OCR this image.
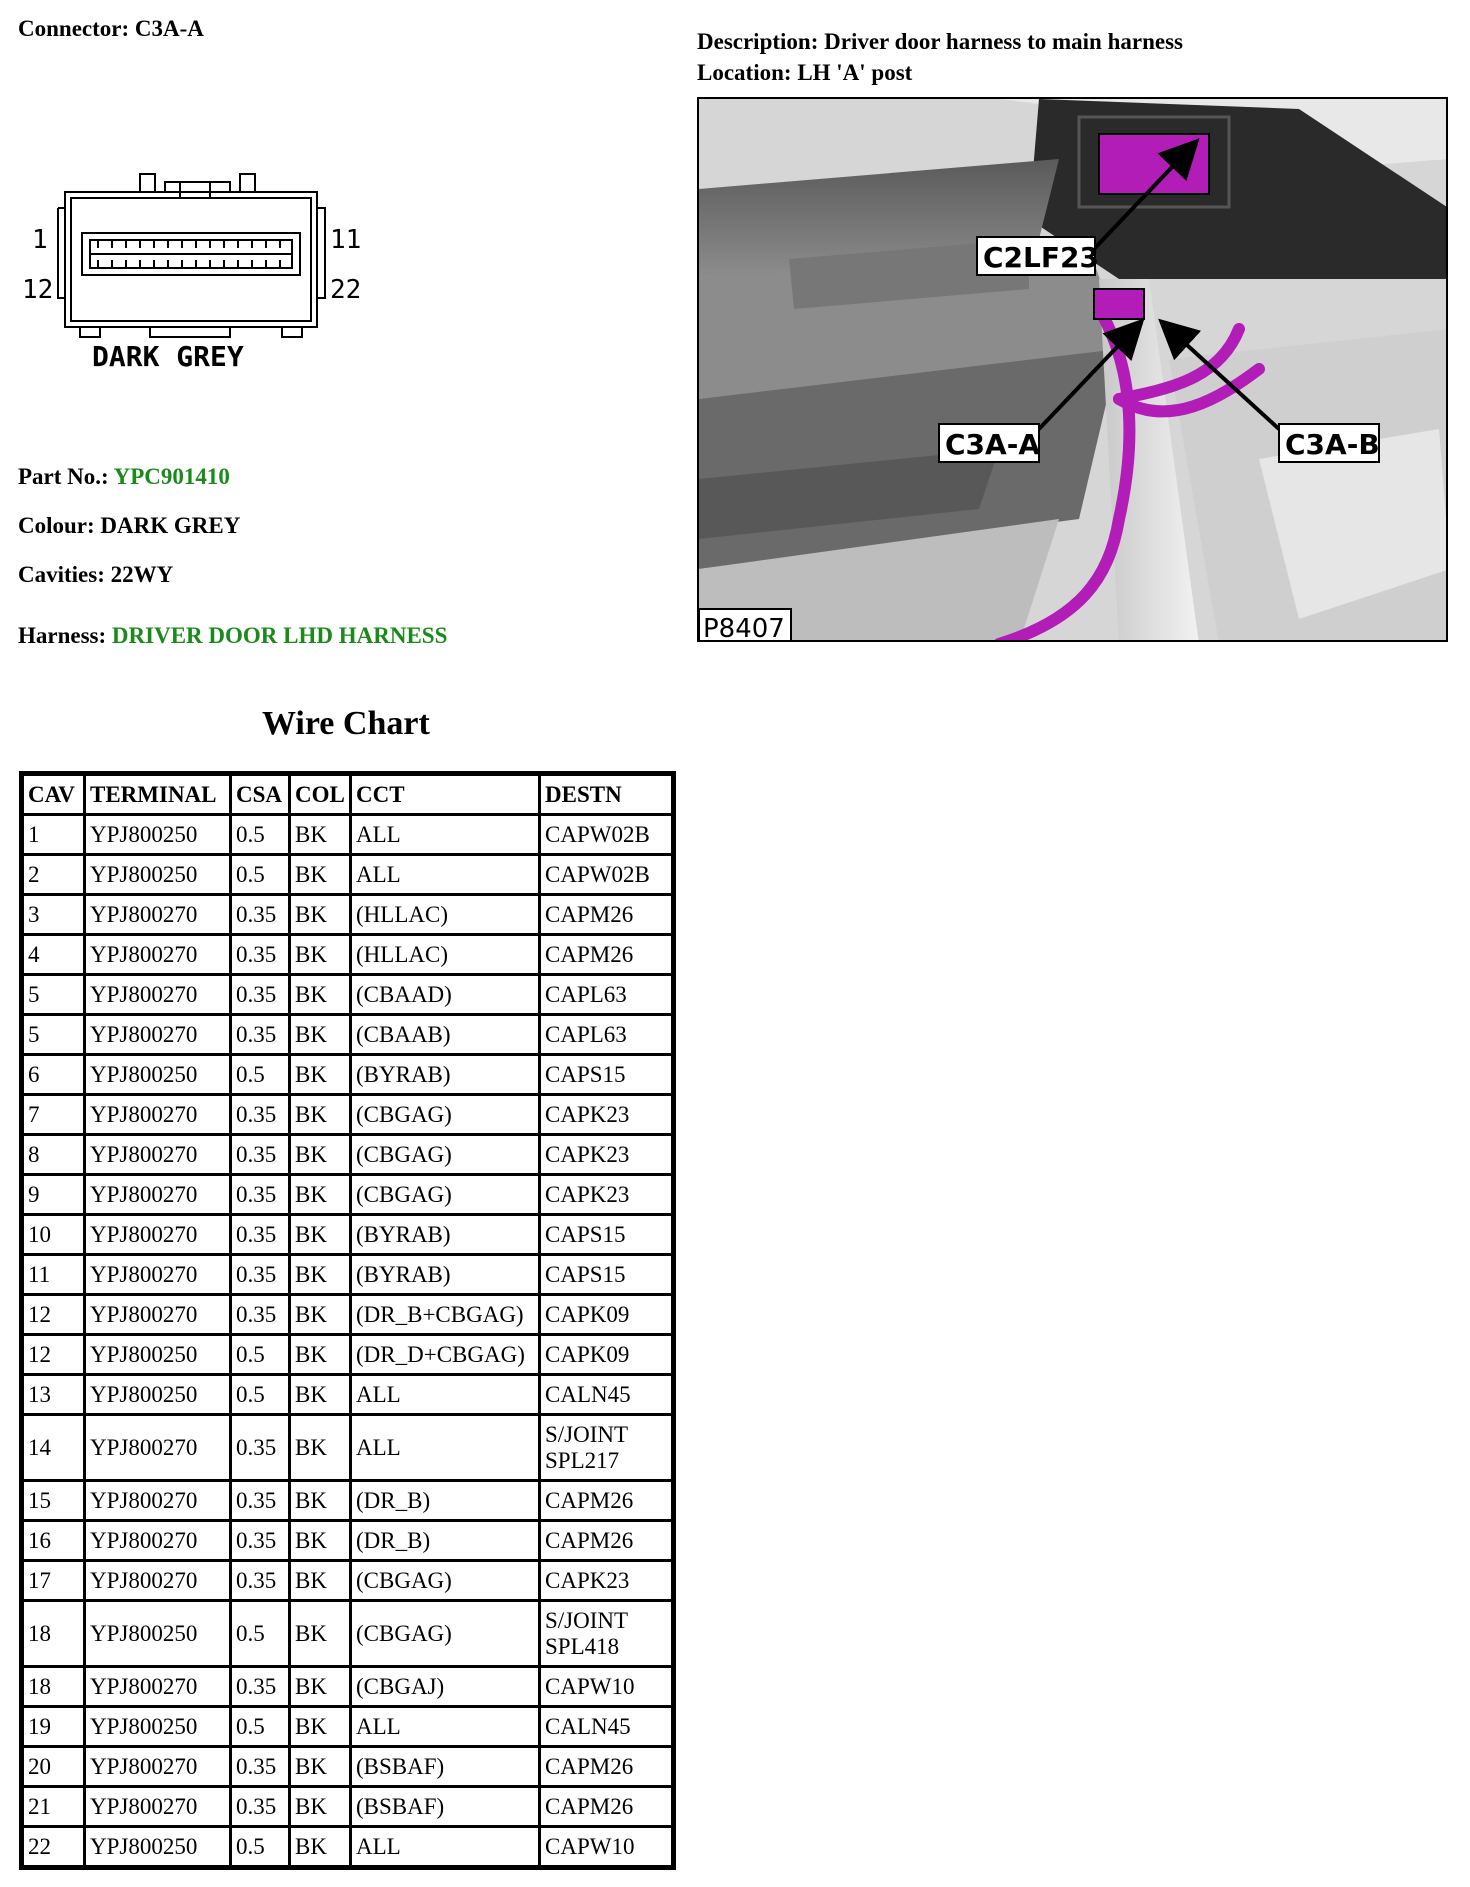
Connector: C3A-A
Description: Driver door harness to main harness
Location: LH 'A' post
1
12
11
22
DARK GREY
Part No.: YPC901410
Colour: DARK GREY
Cavities: 22WY
Harness: DRIVER DOOR LHD HARNESS
C2LF23
C3A-A	C3A-B
P8407
Wire Chart
CAV	TERMINAL	CSA	COL	CCT	DESTN
1	YPJ800250	0.5	BK	ALL	CAPW02B
2	YPJ800250	0.5	BK	ALL	CAPW02B
3	YPJ800270	0.35	BK	(HLLAC)	CAPM26
4	YPJ800270	0.35	BK	(HLLAC)	CAPM26
5	YPJ800270	0.35	BK	(CBAAD)	CAPL63
5	YPJ800270	0.35	BK	(CBAAB)	CAPL63
6	YPJ800250	0.5	BK	(BYRAB)	CAPS15
7	YPJ800270	0.35	BK	(CBGAG)	CAPK23
8	YPJ800270	0.35	BK	(CBGAG)	CAPK23
9	YPJ800270	0.35	BK	(CBGAG)	CAPK23
10	YPJ800270	0.35	BK	(BYRAB)	CAPS15
11	YPJ800270	0.35	BK	(BYRAB)	CAPS15
12	YPJ800270	0.35	BK	(DR_B+CBGAG)	CAPK09
12	YPJ800250	0.5	BK	(DR_D+CBGAG)	CAPK09
13	YPJ800250	0.5	BK	ALL	CALN45
14	YPJ800270	0.35	BK	ALL	S/JOINT
SPL217

15	YPJ800270	0.35	BK	(DR_B)	CAPM26
16	YPJ800270	0.35	BK	(DR_B)	CAPM26
17	YPJ800270	0.35	BK	(CBGAG)	CAPK23
18	YPJ800250	0.5	BK	(CBGAG)	S/JOINT
SPL418

18	YPJ800270	0.35	BK	(CBGAJ)	CAPW10
19	YPJ800250	0.5	BK	ALL	CALN45
20	YPJ800270	0.35	BK	(BSBAF)	CAPM26
21	YPJ800270	0.35	BK	(BSBAF)	CAPM26
22	YPJ800250	0.5	BK	ALL	CAPW10
